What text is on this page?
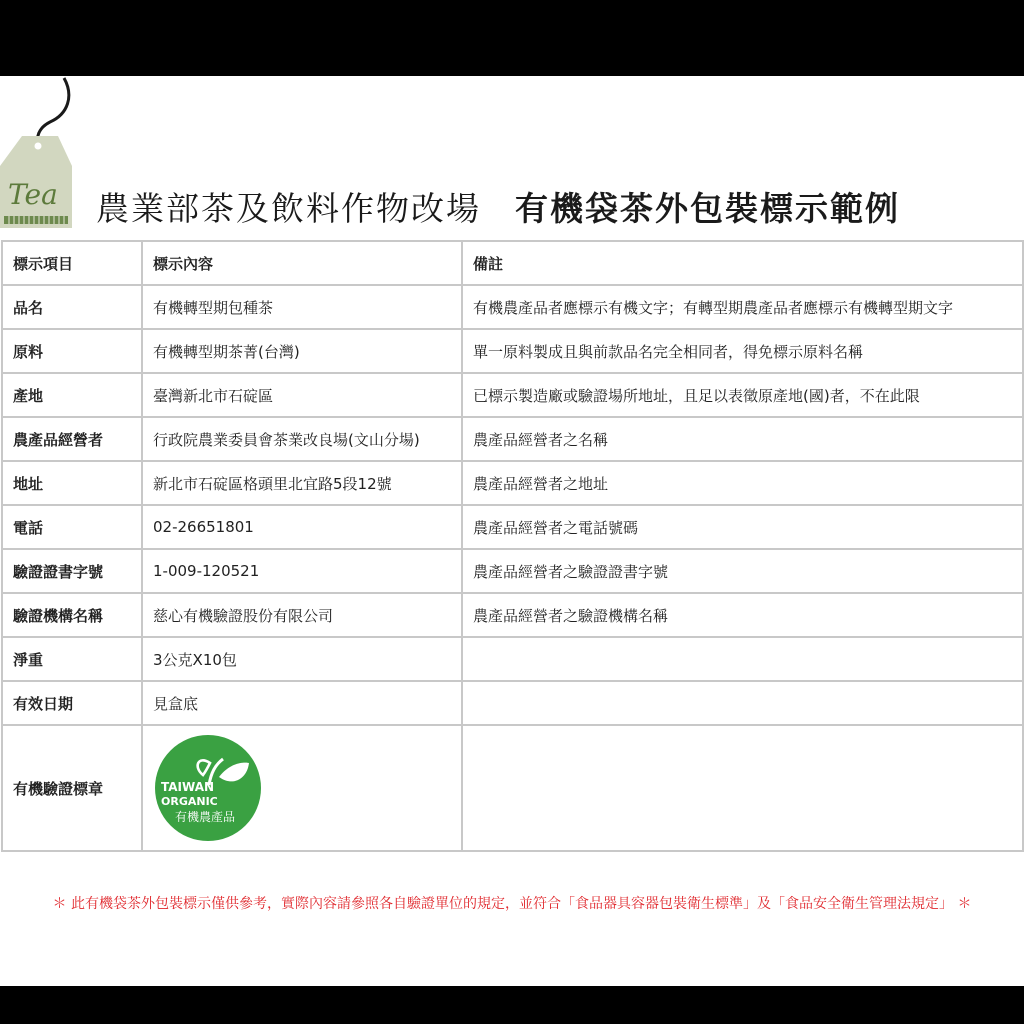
Tea 農業部茶及飲料作物改場 有機袋茶外包裝標示範例
標示項目	標示內容	備註
品名	有機轉型期包種茶	有機農產品者應標示有機文字；有轉型期農產品者應標示有機轉型期文字
原料	有機轉型期茶菁(台灣)	單一原料製成且與前款品名完全相同者，得免標示原料名稱
產地	臺灣新北市石碇區	已標示製造廠或驗證場所地址，且足以表徵原產地(國)者，不在此限
農產品經營者	行政院農業委員會茶業改良場(文山分場)	農產品經營者之名稱
地址	新北市石碇區格頭里北宜路5段12號	農產品經營者之地址
電話	02-26651801	農產品經營者之電話號碼
驗證證書字號	1-009-120521	農產品經營者之驗證證書字號
驗證機構名稱	慈心有機驗證股份有限公司	農產品經營者之驗證機構名稱
淨重	3公克X10包	
有效日期	見盒底	
有機驗證標章	TAIWAN
ORGANIC
有機農產品	

＊ 此有機袋茶外包裝標示僅供參考，實際內容請參照各自驗證單位的規定，並符合「食品器具容器包裝衛生標準」及「食品安全衛生管理法規定」 ＊
